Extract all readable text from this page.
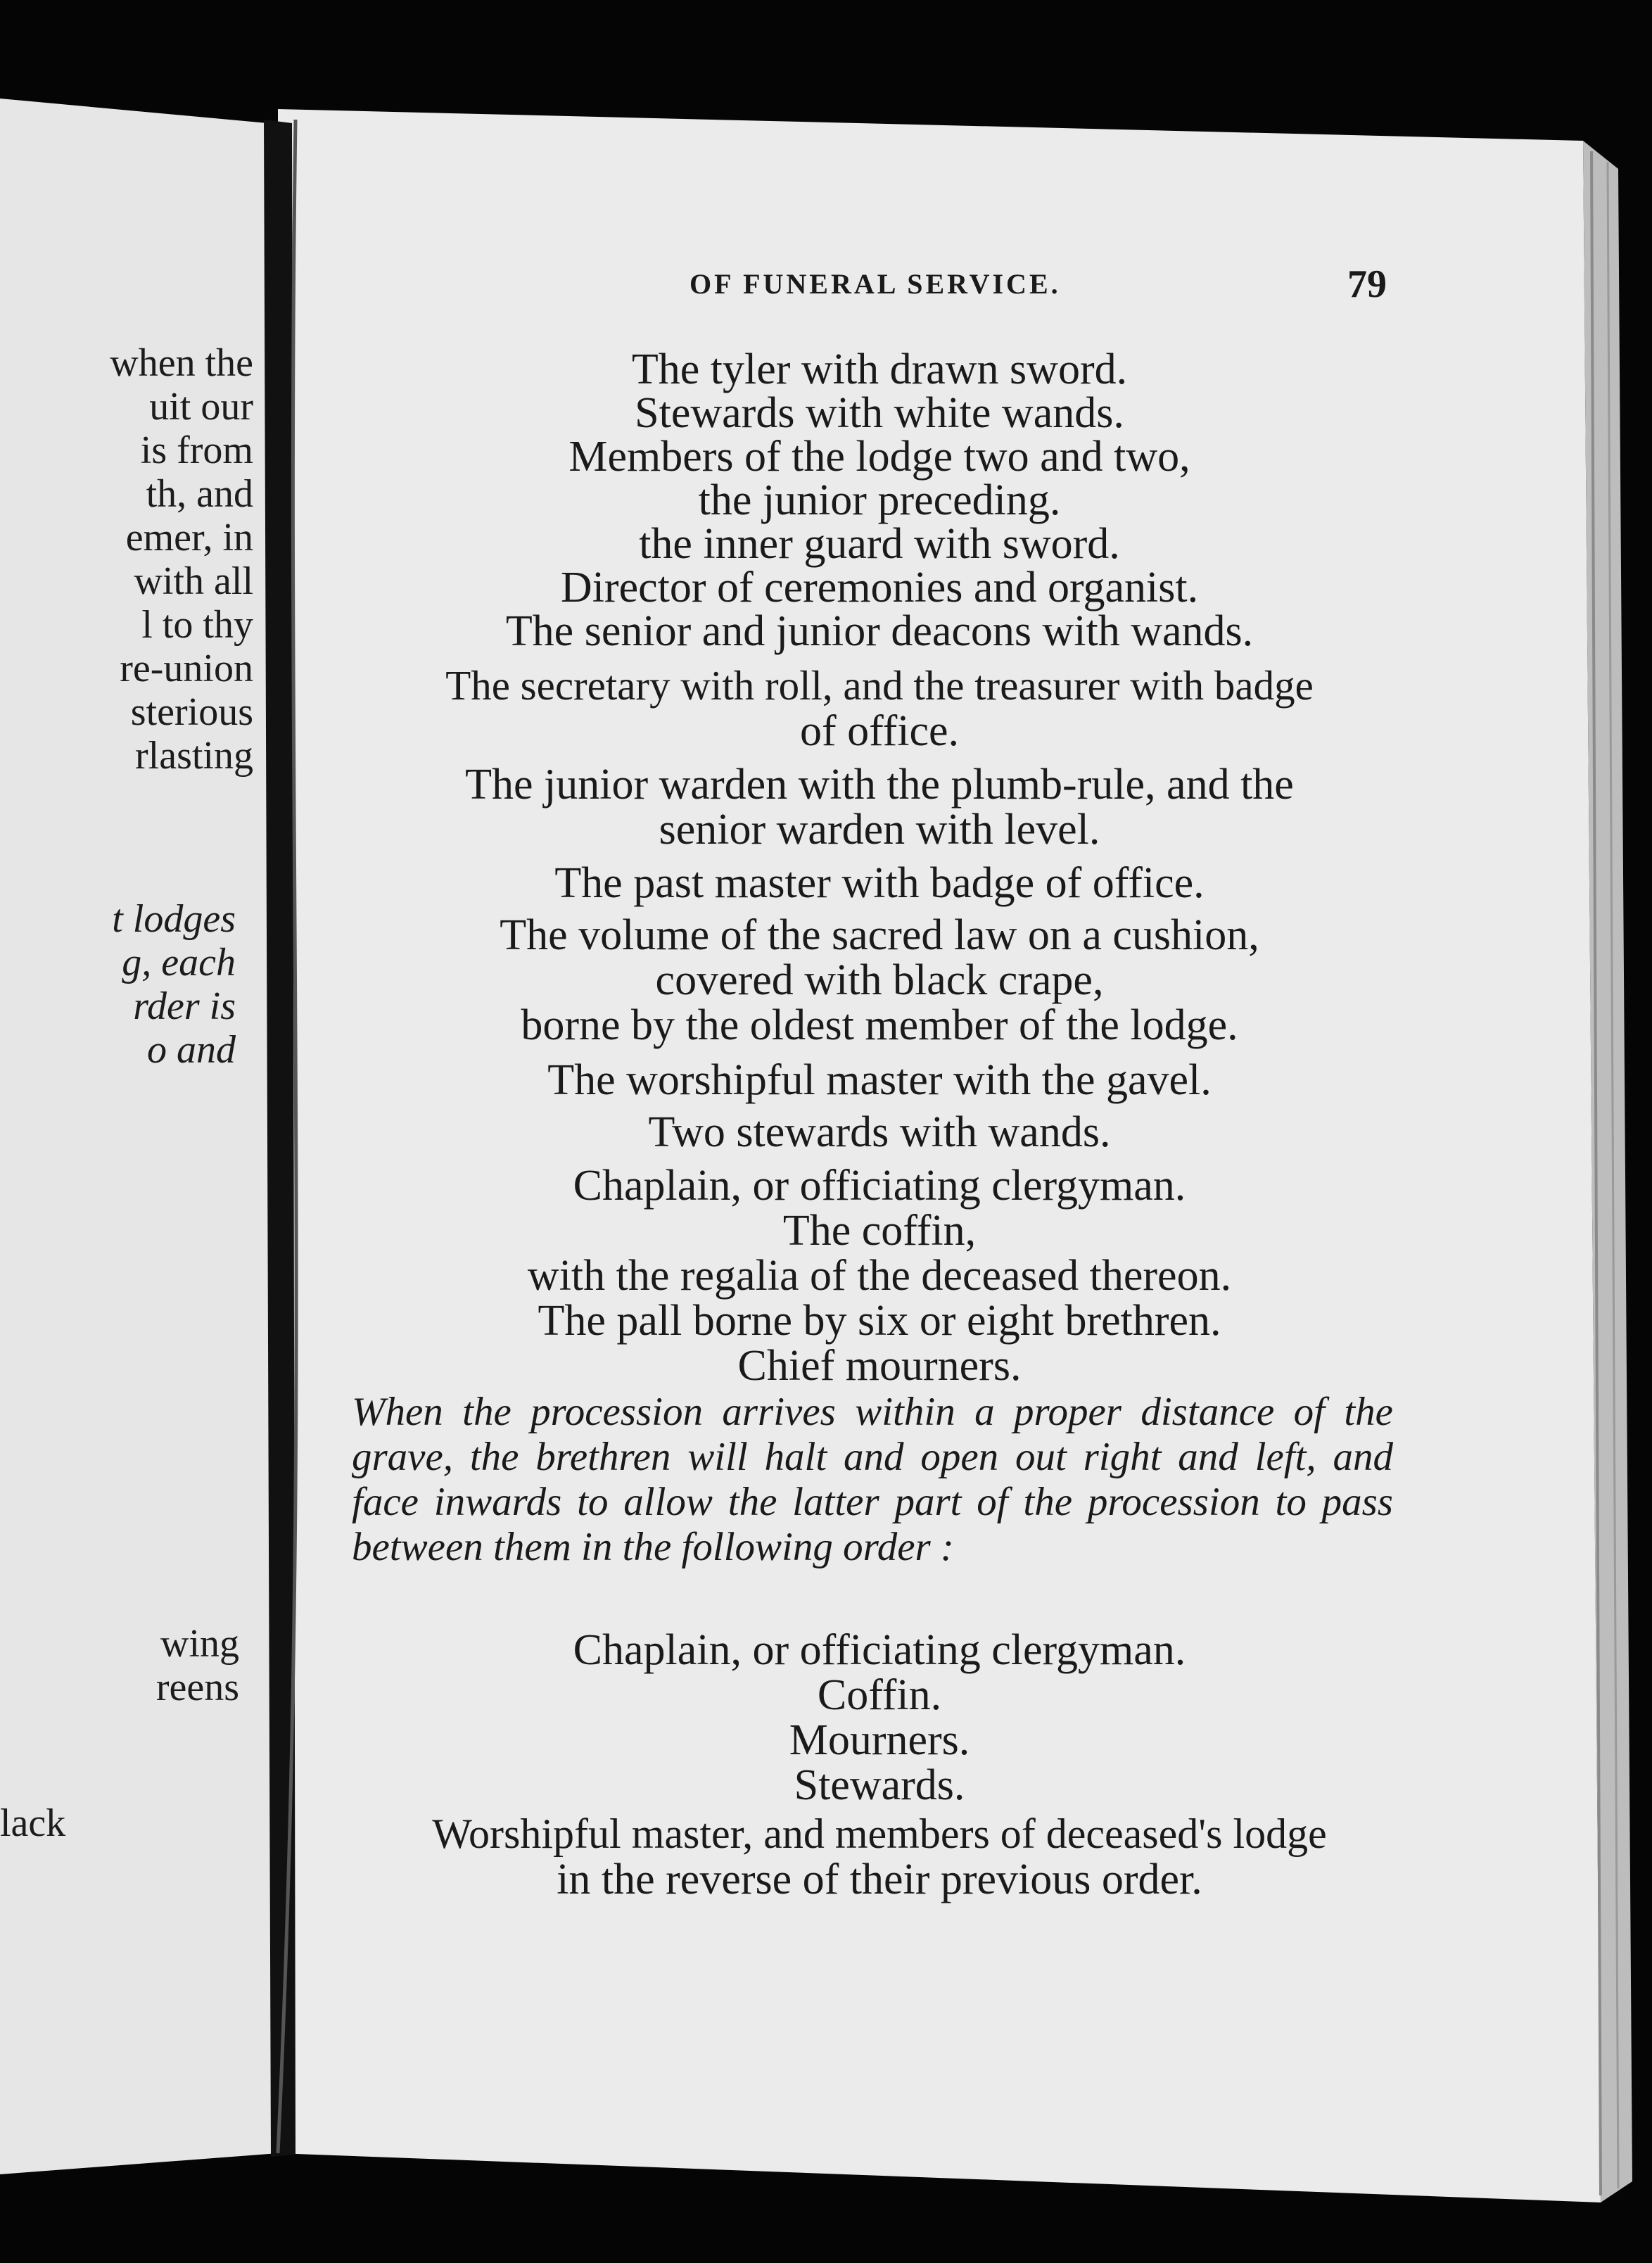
when the
uit our
is from
th, and
emer, in
with all
l to thy
re-union
sterious
rlasting
t lodges
g, each
rder is
o and
wing
reens
lack
OF FUNERAL SERVICE.	79
The tyler with drawn sword.
Stewards with white wands.
Members of the lodge two and two,
the junior preceding.
the inner guard with sword.
Director of ceremonies and organist.
The senior and junior deacons with wands.
The secretary with roll, and the treasurer with badge
of office.
The junior warden with the plumb-rule, and the
senior warden with level.
The past master with badge of office.
The volume of the sacred law on a cushion,
covered with black crape,
borne by the oldest member of the lodge.
The worshipful master with the gavel.
Two stewards with wands.
Chaplain, or officiating clergyman.
The coffin,
with the regalia of the deceased thereon.
The pall borne by six or eight brethren.
Chief mourners.
When the procession arrives within a proper distance of the grave, the brethren will halt and open out right and left, and face inwards to allow the latter part of the procession to pass between them in the following order :
Chaplain, or officiating clergyman.
Coffin.
Mourners.
Stewards.
Worshipful master, and members of deceased's lodge
in the reverse of their previous order.
